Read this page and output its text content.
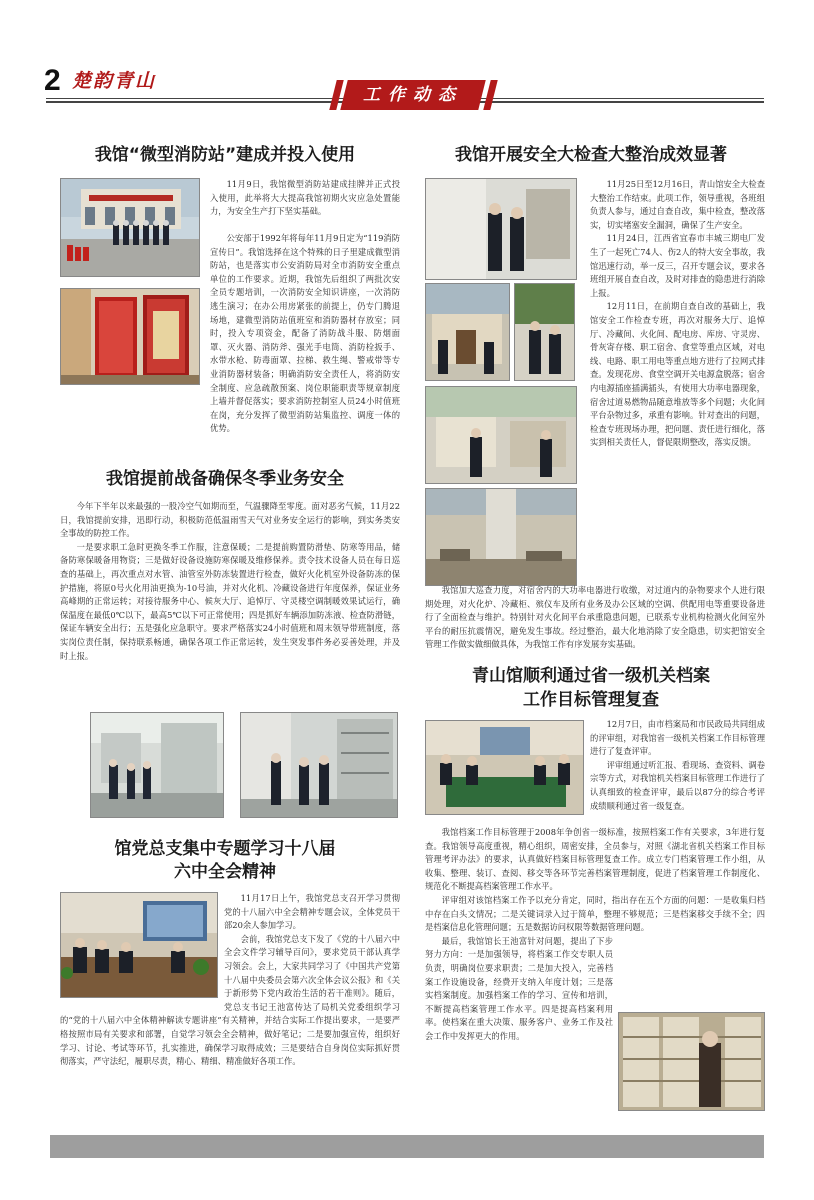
2 楚韵青山
工作动态
我馆“微型消防站”建成并投入使用

11月9日，我馆微型消防站建成挂牌并正式投入使用，此举将大大提高我馆初期火灾应急处置能力，为安全生产打下坚实基础。

公安部于1992年将每年11月9日定为“119消防宣传日”。我馆选择在这个特殊的日子里建成微型消防站，也是落实市公安消防局对全市消防安全重点单位的工作要求。近期，我馆先后组织了两批次安全员专题培训，一次消防安全知识讲座，一次消防逃生演习；在办公用房紧张的前提上，仍专门腾退场地，建微型消防站值班室和消防器材存放室；同时，投入专项资金，配备了消防战斗服、防烟面罩、灭火器、消防斧、强光手电筒、消防栓扳手、水带水枪、防毒面罩、拉梯、救生绳、警戒带等专业消防器材装备；明确消防安全责任人，将消防安全制度、应急疏散预案、岗位职能职责等规章制度上墙并督促落实；要求消防控制室人员24小时值班在岗，充分发挥了微型消防站集监控、调度一体的优势。

我馆提前战备确保冬季业务安全

今年下半年以来最强的一股冷空气如期而至，气温骤降至零度。面对恶劣气候，11月22日，我馆提前安排，迅即行动，积极防范低温雨雪天气对业务安全运行的影响，到实务类安全事故的防控工作。

一是要求职工急时更换冬季工作服，注意保暖；二是提前购置防滑垫、防寒等用品，储备防寒保暖备用物资；三是做好设备设施防寒保暖及维修保养。责令技术设备人员在每日巡查的基础上，再次重点对水管、油管室外防冻装置进行检查，做好火化机室外设备防冻的保护措施，将原0号火化用油更换为-10号油，并对火化机、冷藏设备进行年度保养，保证业务高峰期的正常运转；对接待服务中心、候灰大厅、追悼厅、守灵楼空调制暖效果试运行，确保温度在最低0℃以下，最高5℃以下可正常使用；四是抓好车辆添加防冻液、检查防滑链，保证车辆安全出行；五是强化应急职守。要求严格落实24小时值班和周末领导带班制度，落实岗位责任制，保持联系畅通，确保各项工作正常运转，发生突发事件务必妥善处理，并及时上报。

馆党总支集中专题学习十八届
六中全会精神

11月17日上午，我馆党总支召开学习贯彻党的十八届六中全会精神专题会议，全体党员干部20余人参加学习。

会前，我馆党总支下发了《党的十八届六中全会文件学习辅导百问》，要求党员干部认真学习领会。会上，大家共同学习了《中国共产党第十八届中央委员会第六次全体会议公报》和《关于新形势下党内政治生活的若干准则》。随后，党总支书记王池富传达了局机关党委组织学习的“党的十八届六中全体精神解读专题讲座”有关精神，并结合实际工作提出要求，一是要严格按照市局有关要求和部署，自觉学习领会全会精神，做好笔记；二是要加强宣传，组织好学习、讨论、考试等环节，扎实推进，确保学习取得成效；三是要结合自身岗位实际抓好贯彻落实，严守法纪，履职尽责，精心、精细、精准做好各项工作。

我馆开展安全大检查大整治成效显著

11月25日至12月16日，青山馆安全大检查大整治工作结束。此项工作，领导重视，各班组负责人参与，通过自查自改，集中检查，整改落实，切实堵塞安全漏洞，确保了生产安全。

11月24日，江西省宜春市丰城三期电厂发生了一起死亡74人、伤2人的特大安全事故，我馆迅速行动，举一反三，召开专题会议，要求各班组开展自查自改，及时对排查的隐患进行消除上报。

12月11日，在前期自查自改的基础上，我馆安全工作检查专班，再次对服务大厅、追悼厅、冷藏间、火化间、配电房、库房、守灵房、骨灰寄存楼、职工宿舍、食堂等重点区域，对电线、电路、职工用电等重点地方进行了拉网式排查。发现花房、食堂空调开关电源盒脱落；宿舍内电源插座插满插头，有使用大功率电器现象，宿舍过道易燃物品随意堆放等多个问题；火化间平台杂物过多，承重有影响。针对查出的问题，检查专班现场办理，把问题、责任进行细化，落实到相关责任人，督促限期整改，落实反馈。

我馆加大巡查力度，对宿舍内的大功率电器进行收缴，对过道内的杂物要求个人进行限期处理，对火化炉、冷藏柜、殡仪车及所有业务及办公区域的空调、供配用电等重要设备进行了全面检查与维护。特别针对火化间平台承重隐患问题，已联系专业机构检测火化间室外平台的耐压抗震情况，避免发生事故。经过整治，最大化地消除了安全隐患，切实把馆安全管理工作做实做细做具体，为我馆工作有序发展夯实基础。

青山馆顺利通过省一级机关档案
工作目标管理复查

12月7日，由市档案局和市民政局共同组成的评审组，对我馆省一级机关档案工作目标管理进行了复查评审。

评审组通过听汇报、看现场、查资料、调卷宗等方式，对我馆机关档案目标管理工作进行了认真细致的检查评审，最后以87分的综合考评成绩顺利通过省一级复查。

我馆档案工作目标管理于2008年争创省一级标准，按照档案工作有关要求，3年进行复查。我馆领导高度重视，精心组织，周密安排，全员参与，对照《湖北省机关档案工作目标管理考评办法》的要求，认真做好档案目标管理复查工作。成立专门档案管理工作小组，从收集、整理、装订、查阅、移交等各环节完善档案管理制度，促进了档案管理工作制度化、规范化不断提高档案管理工作水平。

评审组对该馆档案工作予以充分肯定，同时，指出存在五个方面的问题：一是收集归档中存在白头文情况；二是关键词录入过于简单，整理不够规范；三是档案移交手续不全；四是档案信息化管理问题；五是数据访问权限等数据管理问题。

最后，我馆馆长王池富针对问题，提出了下步努力方向：一是加强领导，将档案工作交专职人员负责，明确岗位要求职责；二是加大投入，完善档案工作设施设备，经费开支纳入年度计划；三是落实档案制度。加强档案工作的学习、宣传和培训，不断提高档案管理工作水平。四是提高档案利用率。使档案在重大决策、服务客户、业务工作及社会工作中发挥更大的作用。
